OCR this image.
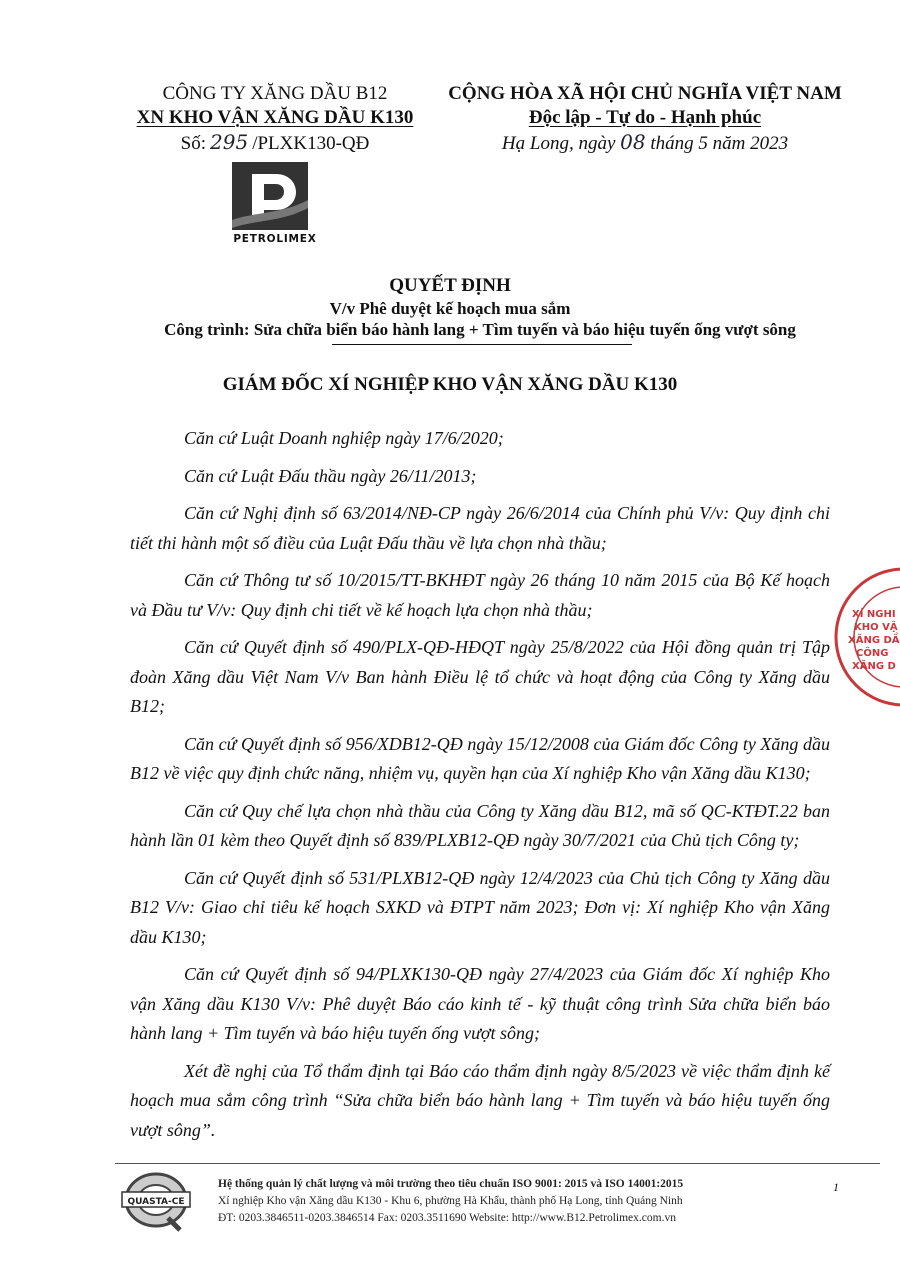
CÔNG TY XĂNG DẦU B12
XN KHO VẬN XĂNG DẦU K130
Số: 295 /PLXK130-QĐ
PETROLIMEX
CỘNG HÒA XÃ HỘI CHỦ NGHĨA VIỆT NAM
Độc lập - Tự do - Hạnh phúc
Hạ Long, ngày 08 tháng 5 năm 2023
QUYẾT ĐỊNH
V/v Phê duyệt kế hoạch mua sắm
Công trình: Sửa chữa biển báo hành lang + Tìm tuyến và báo hiệu tuyến ống vượt sông
GIÁM ĐỐC XÍ NGHIỆP KHO VẬN XĂNG DẦU K130

Căn cứ Luật Doanh nghiệp ngày 17/6/2020;

Căn cứ Luật Đấu thầu ngày 26/11/2013;

Căn cứ Nghị định số 63/2014/NĐ-CP ngày 26/6/2014 của Chính phủ V/v: Quy định chi tiết thi hành một số điều của Luật Đấu thầu về lựa chọn nhà thầu;

Căn cứ Thông tư số 10/2015/TT-BKHĐT ngày 26 tháng 10 năm 2015 của Bộ Kế hoạch và Đầu tư V/v: Quy định chi tiết về kế hoạch lựa chọn nhà thầu;

Căn cứ Quyết định số 490/PLX-QĐ-HĐQT ngày 25/8/2022 của Hội đồng quản trị Tập đoàn Xăng dầu Việt Nam V/v Ban hành Điều lệ tổ chức và hoạt động của Công ty Xăng dầu B12;

Căn cứ Quyết định số 956/XDB12-QĐ ngày 15/12/2008 của Giám đốc Công ty Xăng dầu B12 về việc quy định chức năng, nhiệm vụ, quyền hạn của Xí nghiệp Kho vận Xăng dầu K130;

Căn cứ Quy chế lựa chọn nhà thầu của Công ty Xăng dầu B12, mã số QC-KTĐT.22 ban hành lần 01 kèm theo Quyết định số 839/PLXB12-QĐ ngày 30/7/2021 của Chủ tịch Công ty;

Căn cứ Quyết định số 531/PLXB12-QĐ ngày 12/4/2023 của Chủ tịch Công ty Xăng dầu B12 V/v: Giao chỉ tiêu kế hoạch SXKD và ĐTPT năm 2023; Đơn vị: Xí nghiệp Kho vận Xăng dầu K130;

Căn cứ Quyết định số 94/PLXK130-QĐ ngày 27/4/2023 của Giám đốc Xí nghiệp Kho vận Xăng dầu K130 V/v: Phê duyệt Báo cáo kinh tế - kỹ thuật công trình Sửa chữa biển báo hành lang + Tìm tuyến và báo hiệu tuyến ống vượt sông;

Xét đề nghị của Tổ thẩm định tại Báo cáo thẩm định ngày 8/5/2023 về việc thẩm định kế hoạch mua sắm công trình “Sửa chữa biển báo hành lang + Tìm tuyến và báo hiệu tuyến ống vượt sông”.

XÍ NGHI
KHO VẬ
XĂNG DẦ
CÔNG
XĂNG D
QUASTA-CE
Hệ thống quản lý chất lượng và môi trường theo tiêu chuẩn ISO 9001: 2015 và ISO 14001:2015
Xí nghiệp Kho vận Xăng dầu K130 - Khu 6, phường Hà Khẩu, thành phố Hạ Long, tỉnh Quảng Ninh
ĐT: 0203.3846511-0203.3846514 Fax: 0203.3511690 Website: http://www.B12.Petrolimex.com.vn
1
